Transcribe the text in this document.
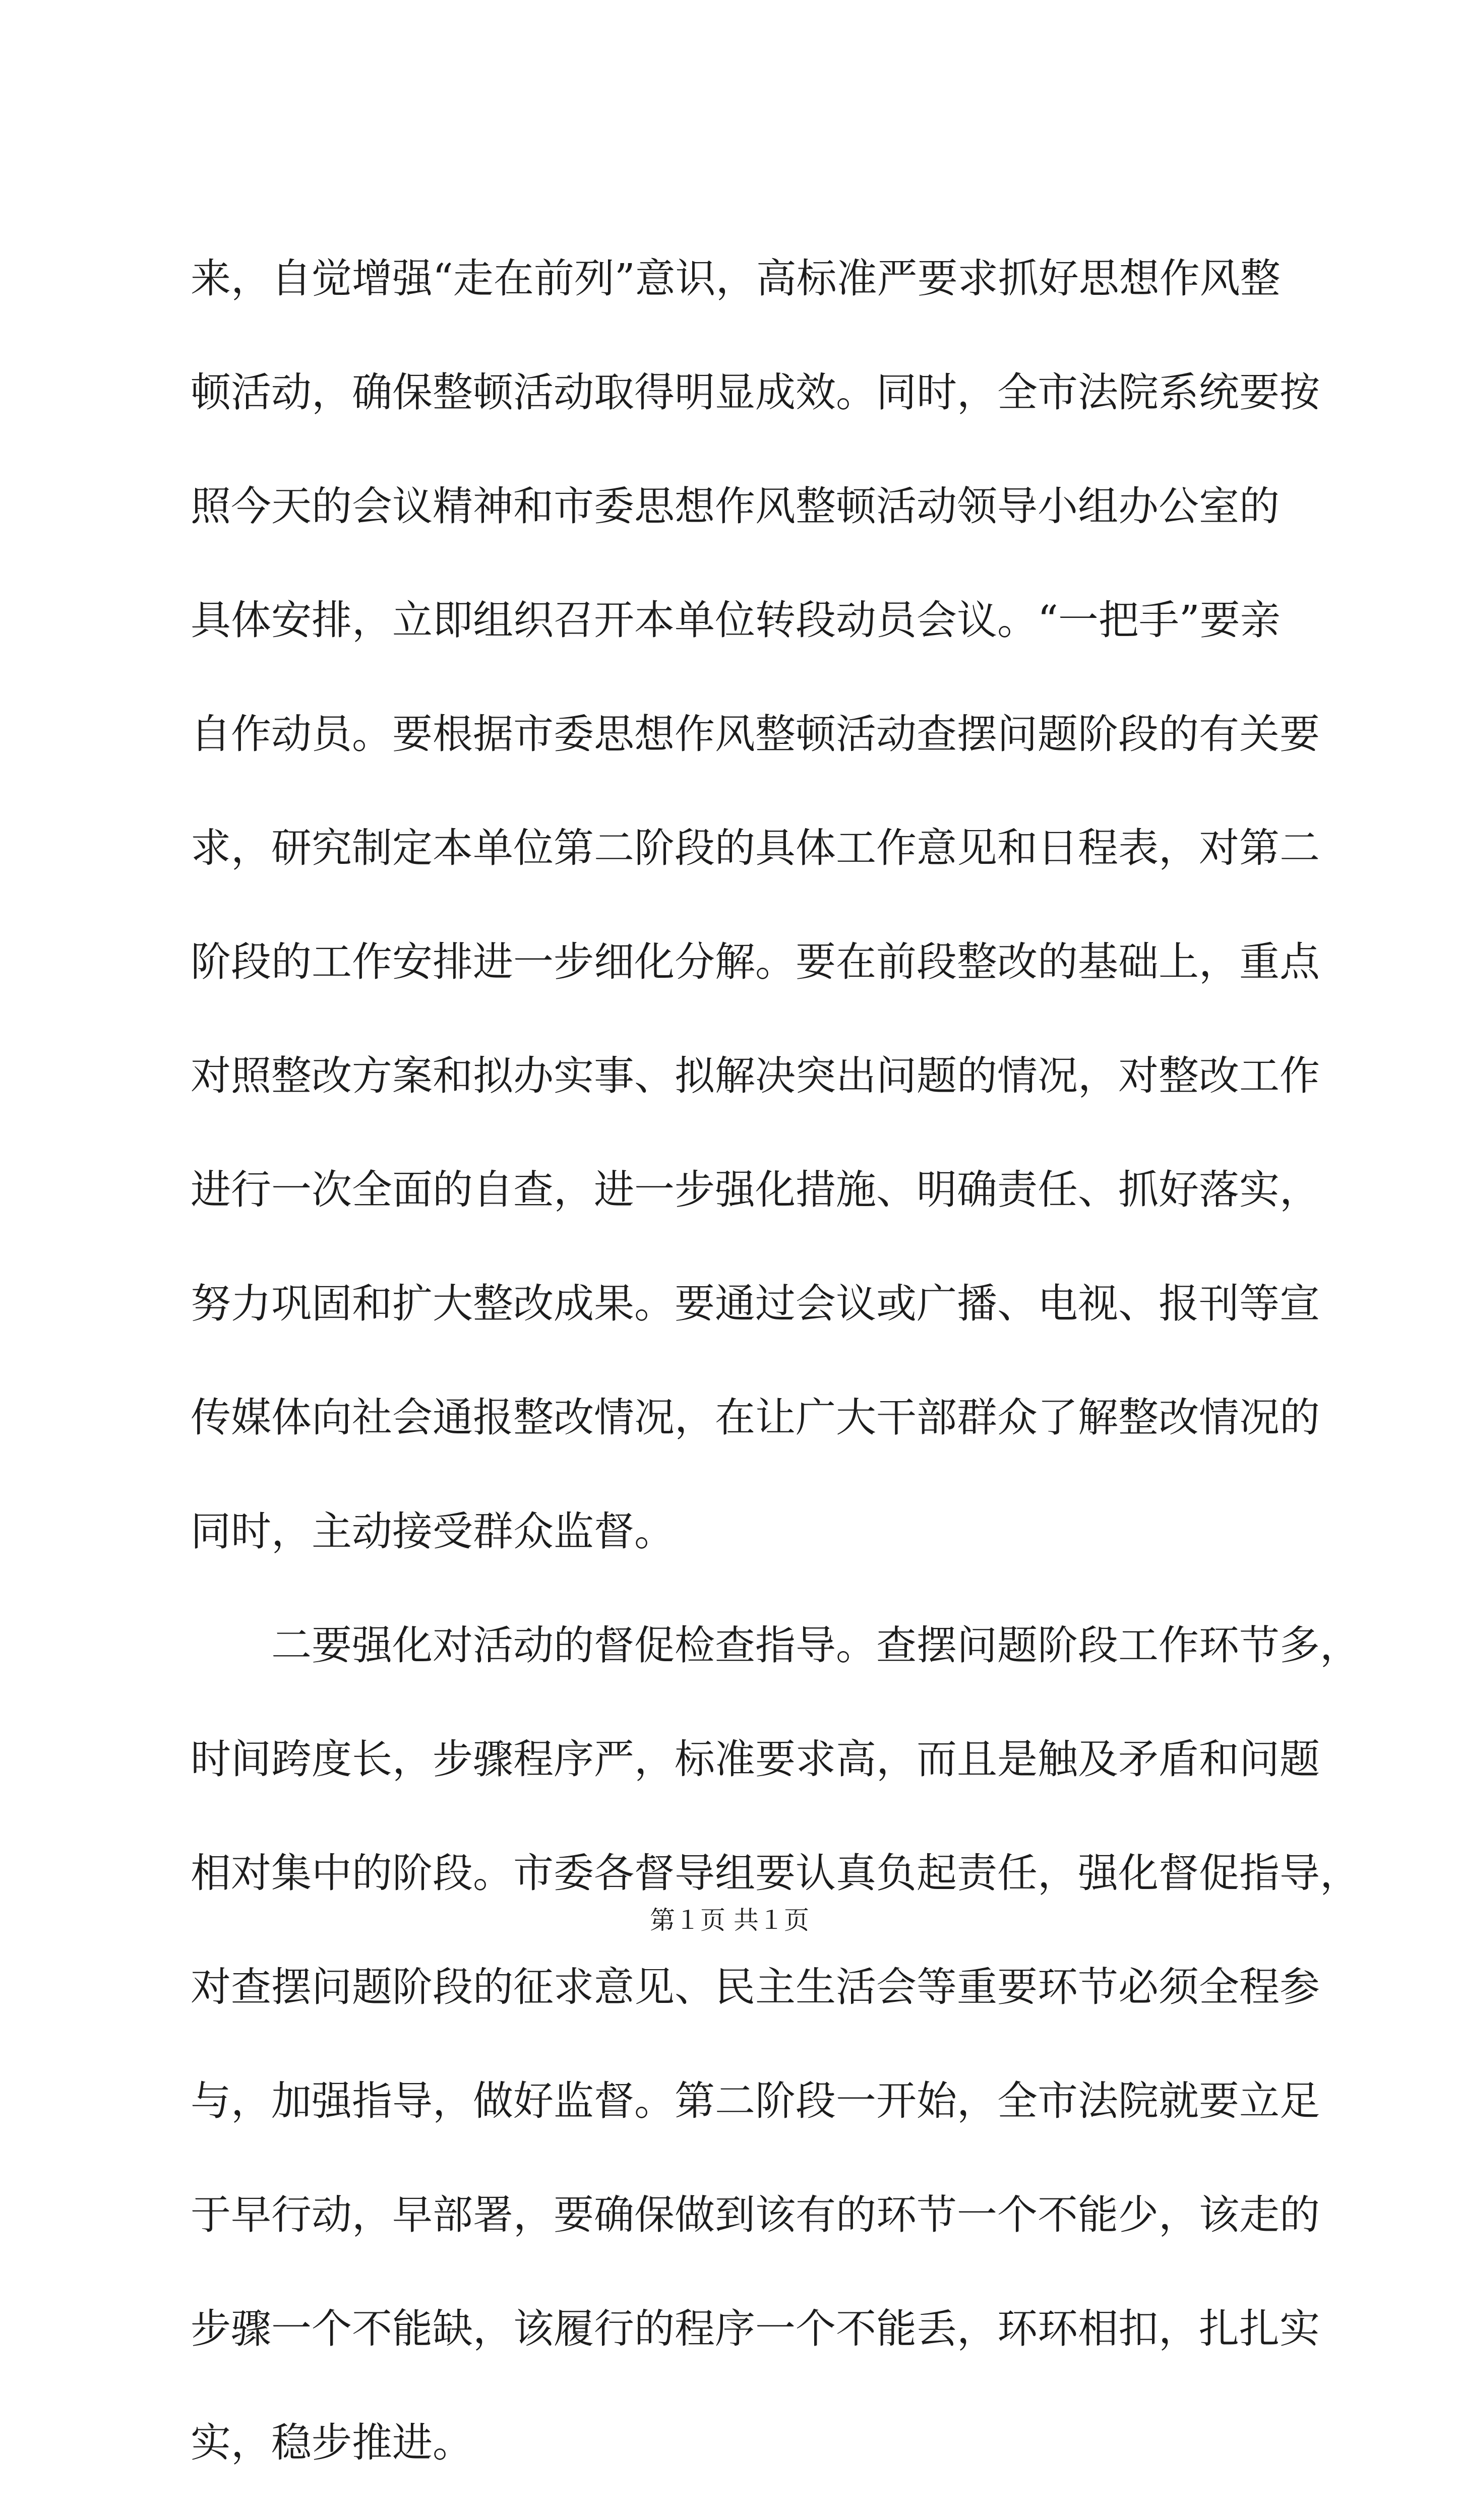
来，自觉增强“走在前列”意识，高标准严要求抓好思想作风整
顿活动，确保整顿活动取得明显成效。同时，全市法院系统要按
照今天的会议精神和市委思想作风整顿活动领导小组办公室的
具体安排，立即组织召开本单位转段动员会议。“一把手”要亲
自作动员。要根据市委思想作风整顿活动查摆问题阶段的有关要
求，研究制定本单位第二阶段的具体工作意见和日程表，对第二
阶段的工作安排进一步细化分解。要在前段整改的基础上，重点
对照整改方案和拟办实事、拟解决突出问题的情况，对整改工作
进行一次全面的自查，进一步强化措施、明确责任、抓好落实，
努力巩固和扩大整改成果。要通过会议或广播、电视、报刊等宣
传媒体向社会通报整改情况，在让广大干部群众了解整改情况的
同时，主动接受群众监督。
　　二要强化对活动的督促检查指导。查摆问题阶段工作环节多，
时间跨度长，步骤程序严，标准要求高，而且是触及矛盾和问题
相对集中的阶段。市委各督导组要认真负起责任，强化督促指导，
对查摆问题阶段的征求意见、民主生活会等重要环节必须全程参
与，加强指导，做好监督。第二阶段一开始，全市法院就要立足
于早行动，早部署，要确保做到该有的环节一个不能少，该走的
步骤一个不能缺，该履行的程序一个不能丢，环环相扣，扎扎实
实，稳步推进。
第１页 共１页
